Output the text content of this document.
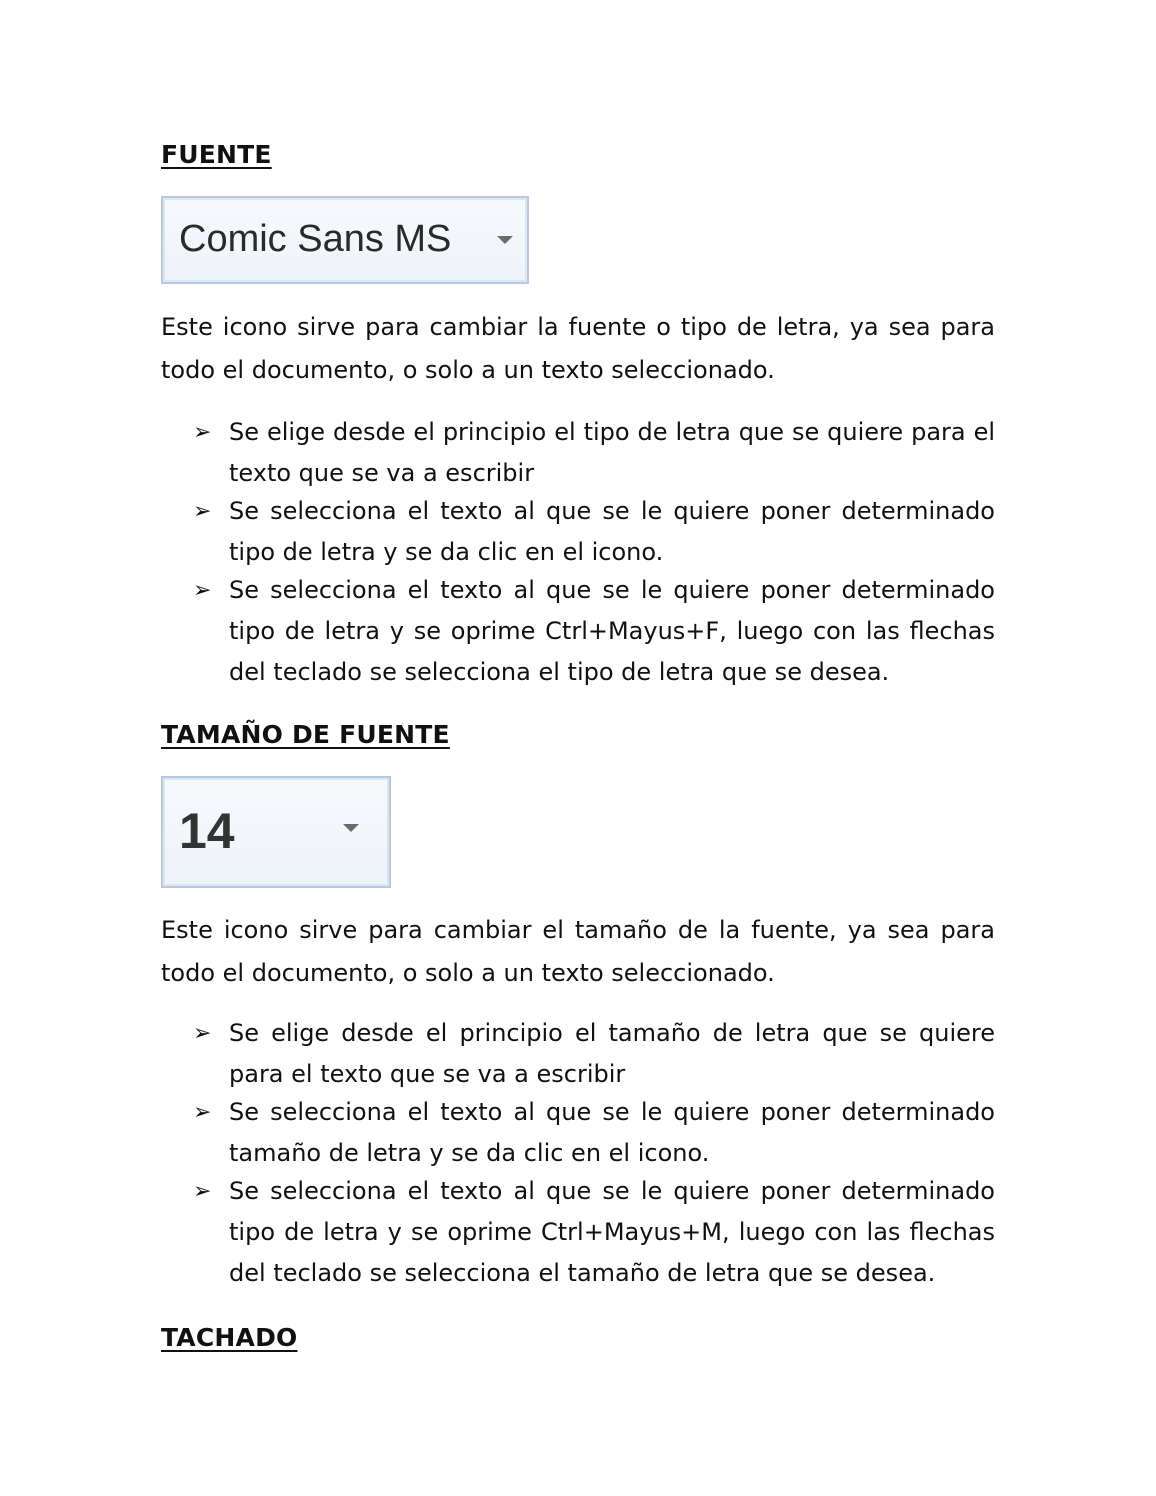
FUENTE
Comic Sans MS

Este icono sirve para cambiar la fuente o tipo de letra, ya sea para todo el documento, o solo a un texto seleccionado.

➢ Se elige desde el principio el tipo de letra que se quiere para el texto que se va a escribir
➢ Se selecciona el texto al que se le quiere poner determinado tipo de letra y se da clic en el icono.
➢ Se selecciona el texto al que se le quiere poner determinado tipo de letra y se oprime Ctrl+Mayus+F, luego con las flechas del teclado se selecciona el tipo de letra que se desea.
TAMAÑO DE FUENTE
14

Este icono sirve para cambiar el tamaño de la fuente, ya sea para todo el documento, o solo a un texto seleccionado.

➢ Se elige desde el principio el tamaño de letra que se quiere para el texto que se va a escribir
➢ Se selecciona el texto al que se le quiere poner determinado tamaño de letra y se da clic en el icono.
➢ Se selecciona el texto al que se le quiere poner determinado tipo de letra y se oprime Ctrl+Mayus+M, luego con las flechas del teclado se selecciona el tamaño de letra que se desea.
TACHADO
